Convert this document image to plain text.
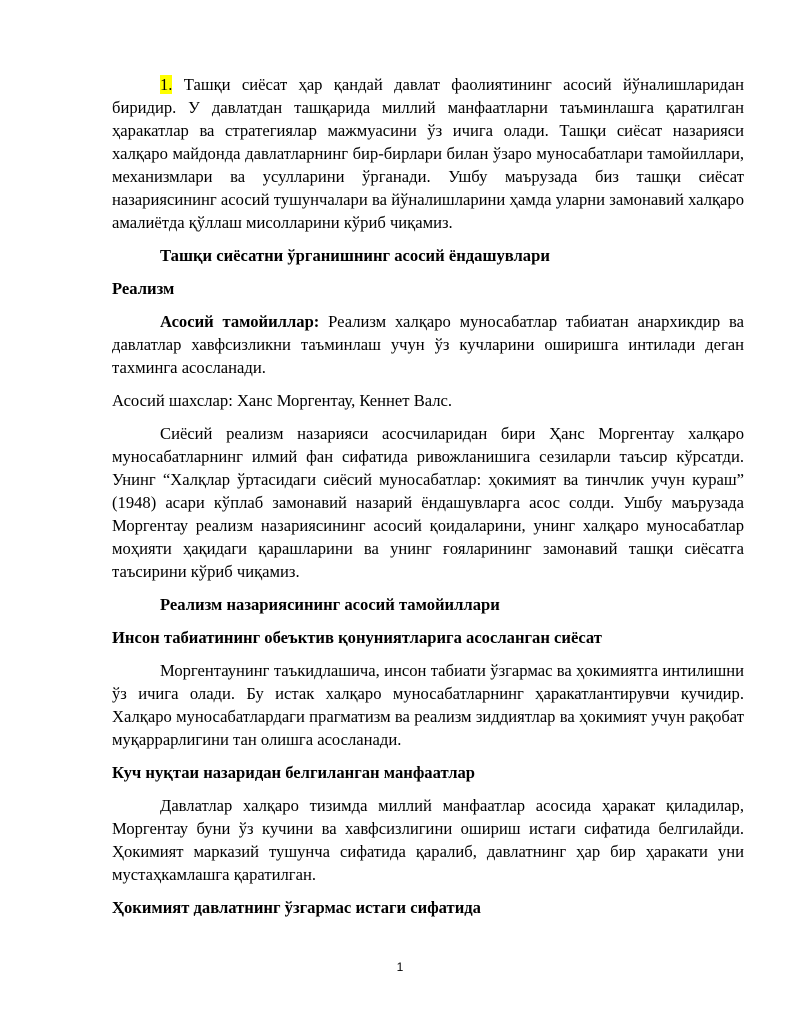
1. Ташқи сиёсат ҳар қандай давлат фаолиятининг асосий йўналишларидан биридир. У давлатдан ташқарида миллий манфаатларни таъминлашга қаратилган ҳаракатлар ва стратегиялар мажмуасини ўз ичига олади. Ташқи сиёсат назарияси халқаро майдонда давлатларнинг бир-бирлари билан ўзаро муносабатлари тамойиллари, механизмлари ва усулларини ўрганади. Ушбу маърузада биз ташқи сиёсат назариясининг асосий тушунчалари ва йўналишларини ҳамда уларни замонавий халқаро амалиётда қўллаш мисолларини кўриб чиқамиз.

Ташқи сиёсатни ўрганишнинг асосий ёндашувлари

Реализм

Асосий тамойиллар: Реализм халқаро муносабатлар табиатан анархикдир ва давлатлар хавфсизликни таъминлаш учун ўз кучларини оширишга интилади деган тахминга асосланади.

Асосий шахслар: Ханс Моргентау, Кеннет Валс.

Сиёсий реализм назарияси асосчиларидан бири Ҳанс Моргентау халқаро муносабатларнинг илмий фан сифатида ривожланишига сезиларли таъсир кўрсатди. Унинг “Халқлар ўртасидаги сиёсий муносабатлар: ҳокимият ва тинчлик учун кураш” (1948) асари кўплаб замонавий назарий ёндашувларга асос солди. Ушбу маърузада Моргентау реализм назариясининг асосий қоидаларини, унинг халқаро муносабатлар моҳияти ҳақидаги қарашларини ва унинг ғояларининг замонавий ташқи сиёсатга таъсирини кўриб чиқамиз.

Реализм назариясининг асосий тамойиллари

Инсон табиатининг обеъктив қонуниятларига асосланган сиёсат

Моргентаунинг таъкидлашича, инсон табиати ўзгармас ва ҳокимиятга интилишни ўз ичига олади. Бу истак халқаро муносабатларнинг ҳаракатлантирувчи кучидир. Халқаро муносабатлардаги прагматизм ва реализм зиддиятлар ва ҳокимият учун рақобат муқаррарлигини тан олишга асосланади.

Куч нуқтаи назаридан белгиланган манфаатлар

Давлатлар халқаро тизимда миллий манфаатлар асосида ҳаракат қиладилар, Моргентау буни ўз кучини ва хавфсизлигини ошириш истаги сифатида белгилайди. Ҳокимият марказий тушунча сифатида қаралиб, давлатнинг ҳар бир ҳаракати уни мустаҳкамлашга қаратилган.

Ҳокимият давлатнинг ўзгармас истаги сифатида

1
